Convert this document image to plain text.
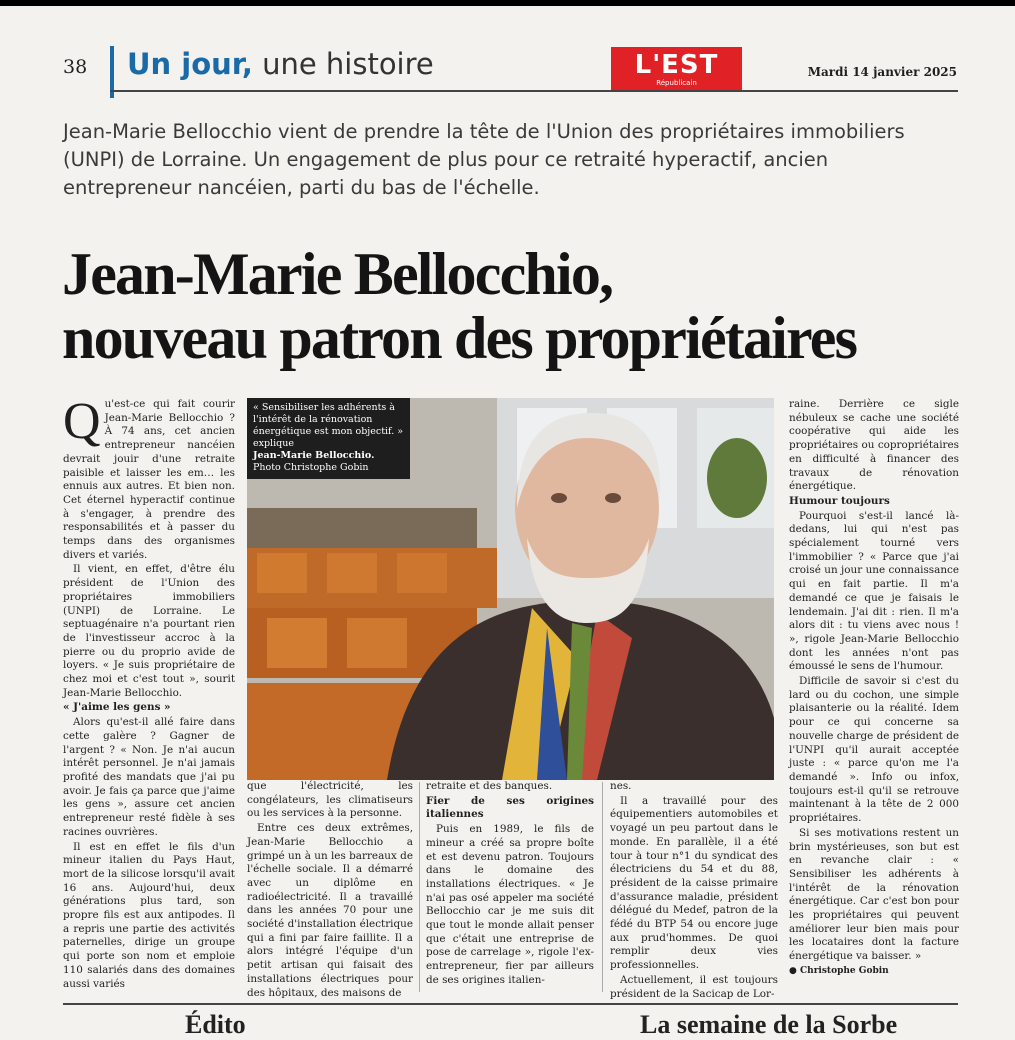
38 Un jour, une histoire	L'EST
Républicain
Mardi 14 janvier 2025
Jean-Marie Bellocchio vient de prendre la tête de l'Union des propriétaires immobiliers (UNPI) de Lorraine. Un engagement de plus pour ce retraité hyperactif, ancien entrepreneur nancéien, parti du bas de l'échelle.
Jean-Marie Bellocchio,
nouveau patron des propriétaires

Qu'est-ce qui fait courir Jean-Marie Bellocchio ? À 74 ans, cet ancien entrepreneur nancéien devrait jouir d'une retraite paisible et laisser les em… les ennuis aux autres. Et bien non. Cet éternel hyperactif continue à s'engager, à prendre des responsabilités et à passer du temps dans des organismes divers et variés.

Il vient, en effet, d'être élu président de l'Union des propriétaires immobiliers (UNPI) de Lorraine. Le septuagénaire n'a pourtant rien de l'investisseur accroc à la pierre ou du proprio avide de loyers. « Je suis propriétaire de chez moi et c'est tout », sourit Jean-Marie Bellocchio.

« J'aime les gens »

Alors qu'est-il allé faire dans cette galère ? Gagner de l'argent ? « Non. Je n'ai aucun intérêt personnel. Je n'ai jamais profité des mandats que j'ai pu avoir. Je fais ça parce que j'aime les gens », assure cet ancien entrepreneur resté fidèle à ses racines ouvrières.

Il est en effet le fils d'un mineur italien du Pays Haut, mort de la silicose lorsqu'il avait 16 ans. Aujourd'hui, deux générations plus tard, son propre fils est aux antipodes. Il a repris une partie des activités paternelles, dirige un groupe qui porte son nom et emploie 110 salariés dans des domaines aussi variés

« Sensibiliser les adhérents à l'intérêt de la rénovation énergétique est mon objectif. » explique
Jean-Marie Bellocchio.
Photo Christophe Gobin

que l'électricité, les congélateurs, les climatiseurs ou les services à la personne.

Entre ces deux extrêmes, Jean-Marie Bellocchio a grimpé un à un les barreaux de l'échelle sociale. Il a démarré avec un diplôme en radioélectricité. Il a travaillé dans les années 70 pour une société d'installation électrique qui a fini par faire faillite. Il a alors intégré l'équipe d'un petit artisan qui faisait des installations électriques pour des hôpitaux, des maisons de

retraite et des banques.

Fier de ses origines italiennes

Puis en 1989, le fils de mineur a créé sa propre boîte et est devenu patron. Toujours dans le domaine des installations électriques. « Je n'ai pas osé appeler ma société Bellocchio car je me suis dit que tout le monde allait penser que c'était une entreprise de pose de carrelage », rigole l'ex-entrepreneur, fier par ailleurs de ses origines italien-

nes.

Il a travaillé pour des équipementiers automobiles et voyagé un peu partout dans le monde. En parallèle, il a été tour à tour n°1 du syndicat des électriciens du 54 et du 88, président de la caisse primaire d'assurance maladie, président délégué du Medef, patron de la fédé du BTP 54 ou encore juge aux prud'hommes. De quoi remplir deux vies professionnelles.

Actuellement, il est toujours président de la Sacicap de Lor-

raine. Derrière ce sigle nébuleux se cache une société coopérative qui aide les propriétaires ou copropriétaires en difficulté à financer des travaux de rénovation énergétique.

Humour toujours

Pourquoi s'est-il lancé là-dedans, lui qui n'est pas spécialement tourné vers l'immobilier ? « Parce que j'ai croisé un jour une connaissance qui en fait partie. Il m'a demandé ce que je faisais le lendemain. J'ai dit : rien. Il m'a alors dit : tu viens avec nous ! », rigole Jean-Marie Bellocchio dont les années n'ont pas émoussé le sens de l'humour.

Difficile de savoir si c'est du lard ou du cochon, une simple plaisanterie ou la réalité. Idem pour ce qui concerne sa nouvelle charge de président de l'UNPI qu'il aurait acceptée juste : « parce qu'on me l'a demandé ». Info ou infox, toujours est-il qu'il se retrouve maintenant à la tête de 2 000 propriétaires.

Si ses motivations restent un brin mystérieuses, son but est en revanche clair : « Sensibiliser les adhérents à l'intérêt de la rénovation énergétique. Car c'est bon pour les propriétaires qui peuvent améliorer leur bien mais pour les locataires dont la facture énergétique va baisser. »

● Christophe Gobin

Édito	La semaine de la Sorbe
